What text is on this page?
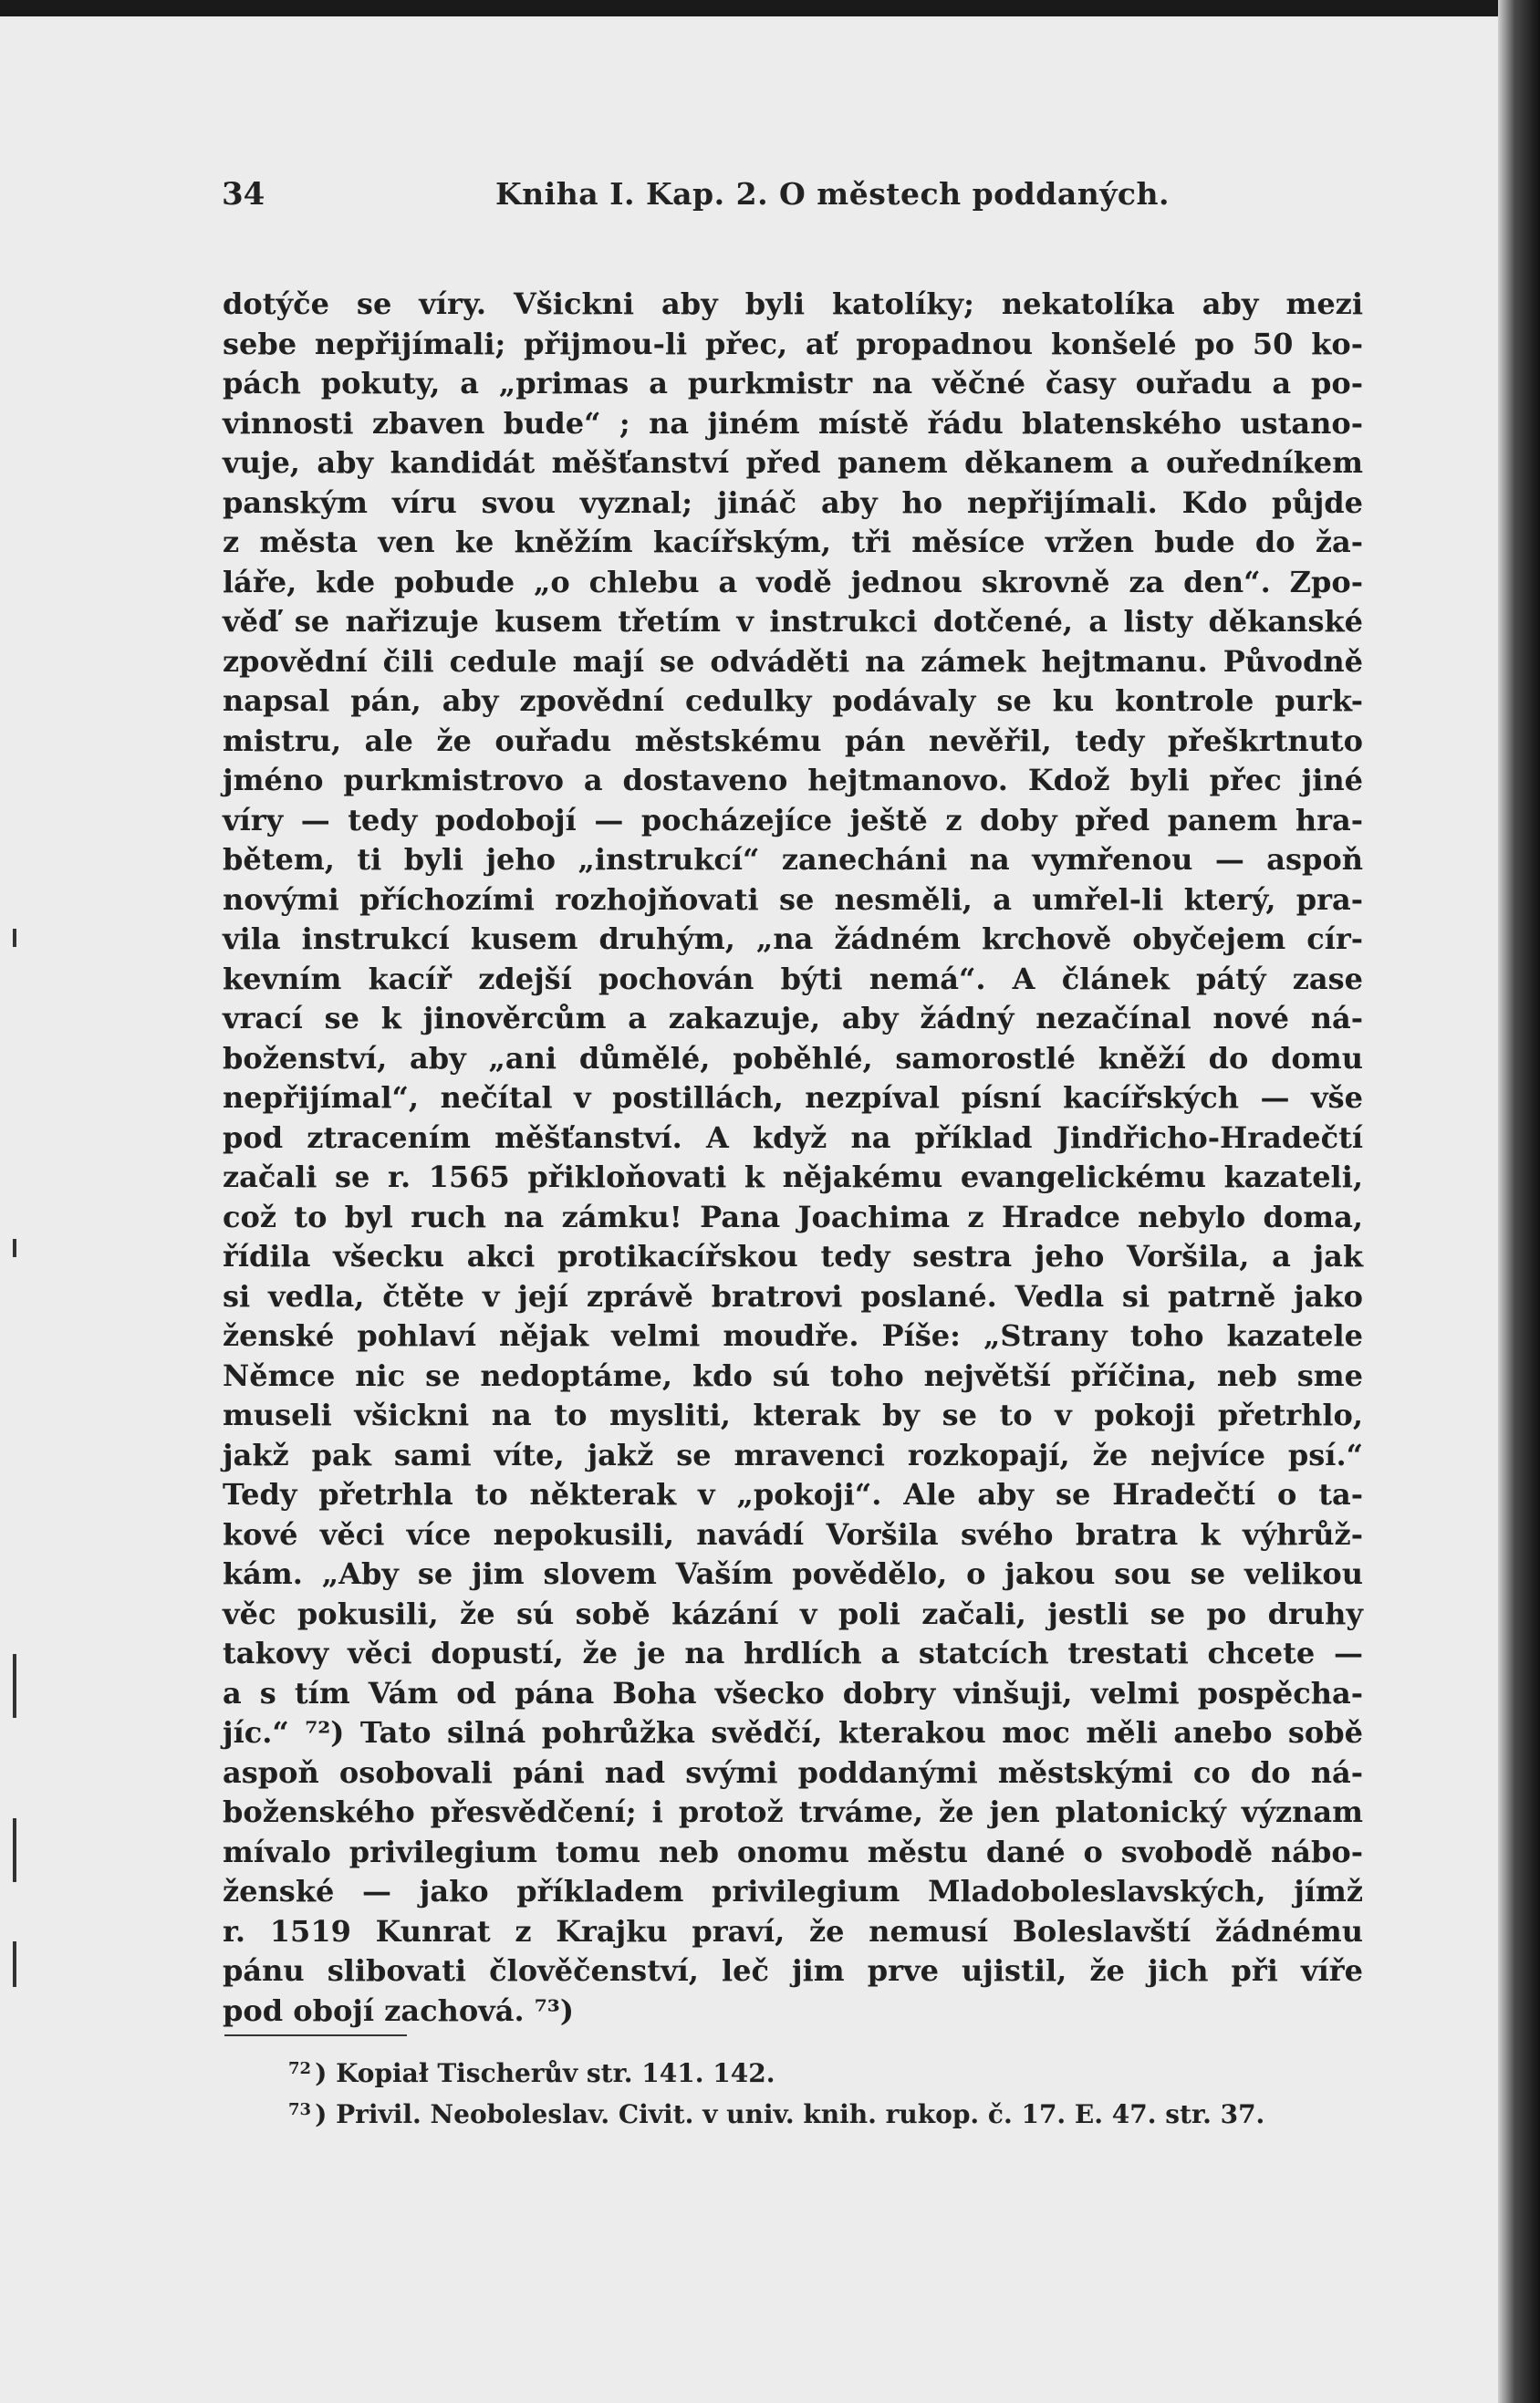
34	Kniha I. Kap. 2. O městech poddaných.
dotýče se víry. Všickni aby byli katolíky; nekatolíka aby mezi
sebe nepřijímali; přijmou-li přec, ať propadnou konšelé po 50 ko-
pách pokuty, a „primas a purkmistr na věčné časy ouřadu a po-
vinnosti zbaven bude“ ; na jiném místě řádu blatenského ustano-
vuje, aby kandidát měšťanství před panem děkanem a ouředníkem
panským víru svou vyznal; jináč aby ho nepřijímali. Kdo půjde
z města ven ke kněžím kacířským, tři měsíce vržen bude do ža-
láře, kde pobude „o chlebu a vodě jednou skrovně za den“. Zpo-
věď se nařizuje kusem třetím v instrukci dotčené, a listy děkanské
zpovědní čili cedule mají se odváděti na zámek hejtmanu. Původně
napsal pán, aby zpovědní cedulky podávaly se ku kontrole purk-
mistru, ale že ouřadu městskému pán nevěřil, tedy přeškrtnuto
jméno purkmistrovo a dostaveno hejtmanovo. Kdož byli přec jiné
víry — tedy podobojí — pocházejíce ještě z doby před panem hra-
bětem, ti byli jeho „instrukcí“ zanecháni na vymřenou — aspoň
novými příchozími rozhojňovati se nesměli, a umřel-li který, pra-
vila instrukcí kusem druhým, „na žádném krchově obyčejem cír-
kevním kacíř zdejší pochován býti nemá“. A článek pátý zase
vrací se k jinověrcům a zakazuje, aby žádný nezačínal nové ná-
boženství, aby „ani důmělé, poběhlé, samorostlé kněží do domu
nepřijímal“, nečítal v postillách, nezpíval písní kacířských — vše
pod ztracením měšťanství. A když na příklad Jindřicho-Hradečtí
začali se r. 1565 přikloňovati k nějakému evangelickému kazateli,
což to byl ruch na zámku! Pana Joachima z Hradce nebylo doma,
řídila všecku akci protikacířskou tedy sestra jeho Voršila, a jak
si vedla, čtěte v její zprávě bratrovi poslané. Vedla si patrně jako
ženské pohlaví nějak velmi moudře. Píše: „Strany toho kazatele
Němce nic se nedoptáme, kdo sú toho největší příčina, neb sme
museli všickni na to mysliti, kterak by se to v pokoji přetrhlo,
jakž pak sami víte, jakž se mravenci rozkopají, že nejvíce psí.“
Tedy přetrhla to některak v „pokoji“. Ale aby se Hradečtí o ta-
kové věci více nepokusili, navádí Voršila svého bratra k výhrůž-
kám. „Aby se jim slovem Vaším povědělo, o jakou sou se velikou
věc pokusili, že sú sobě kázání v poli začali, jestli se po druhy
takovy věci dopustí, že je na hrdlích a statcích trestati chcete —
a s tím Vám od pána Boha všecko dobry vinšuji, velmi pospěcha-
jíc.“ ⁷²) Tato silná pohrůžka svědčí, kterakou moc měli anebo sobě
aspoň osobovali páni nad svými poddanými městskými co do ná-
boženského přesvědčení; i protož trváme, že jen platonický význam
mívalo privilegium tomu neb onomu městu dané o svobodě nábo-
ženské — jako příkladem privilegium Mladoboleslavských, jímž
r. 1519 Kunrat z Krajku praví, že nemusí Boleslavští žádnému
pánu slibovati člověčenství, leč jim prve ujistil, že jich při víře
pod obojí zachová. ⁷³)
$^{72}$ ) Kopiał Tischerův str. 141. 142.
$^{73}$ ) Privil. Neoboleslav. Civit. v univ. knih. rukop. č. 17. E. 47. str. 37.
